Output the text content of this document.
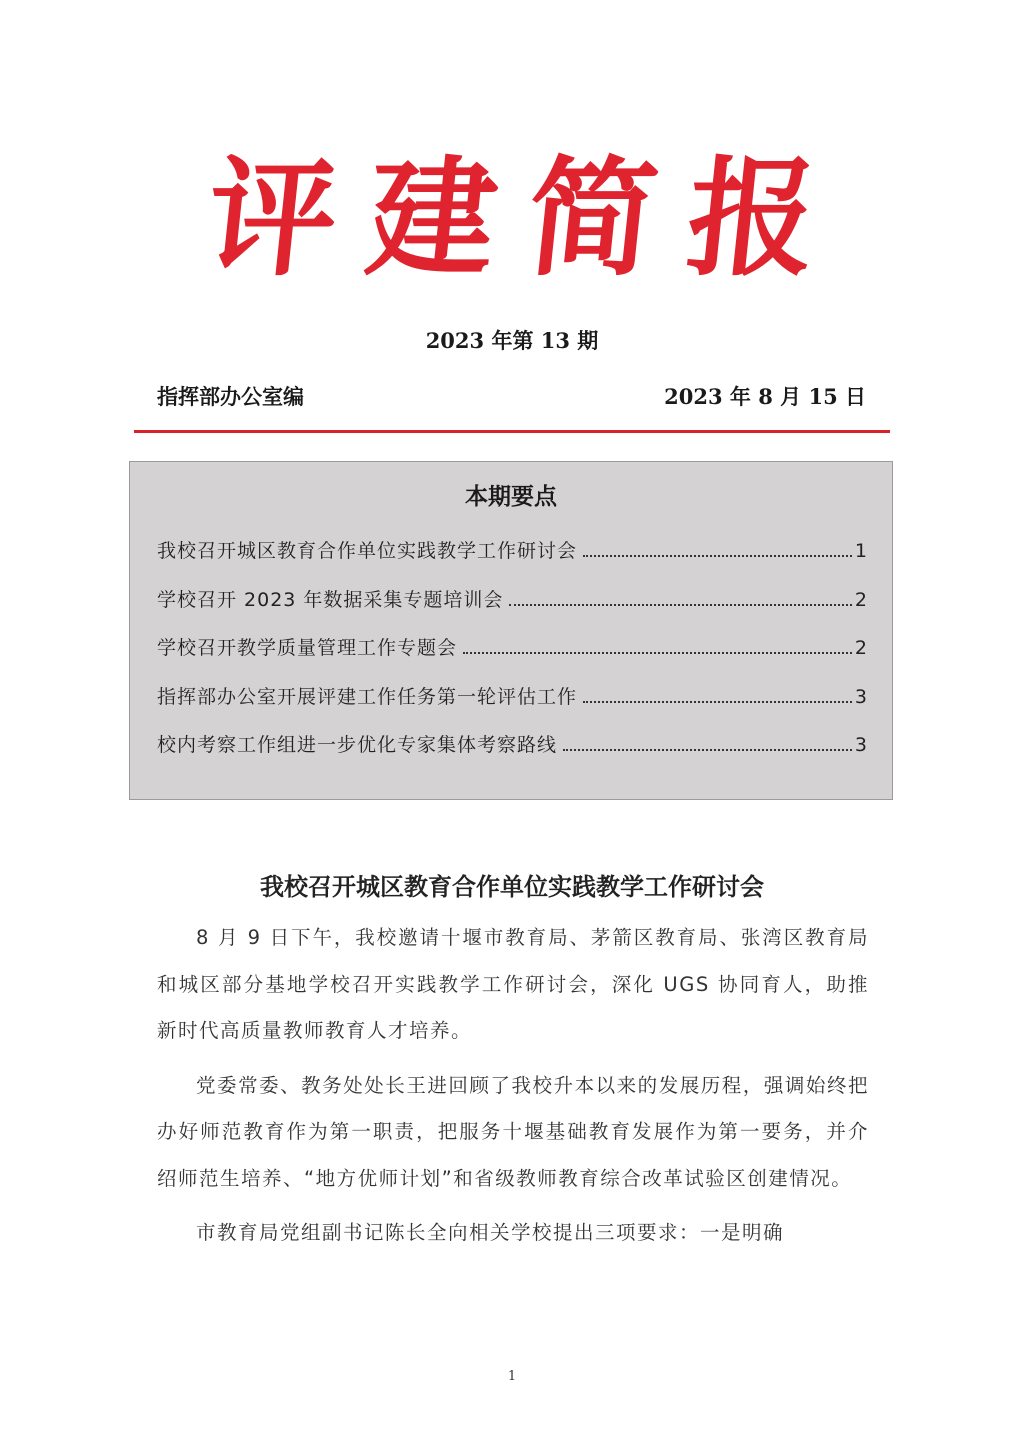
评 建 简 报
2023 年第 13 期
指挥部办公室编	2023 年 8 月 15 日
本期要点
我校召开城区教育合作单位实践教学工作研讨会	1
学校召开 2023 年数据采集专题培训会	2
学校召开教学质量管理工作专题会	2
指挥部办公室开展评建工作任务第一轮评估工作	3
校内考察工作组进一步优化专家集体考察路线	3
我校召开城区教育合作单位实践教学工作研讨会

8 月 9 日下午，我校邀请十堰市教育局、茅箭区教育局、张湾区教育局和城区部分基地学校召开实践教学工作研讨会，深化 UGS 协同育人，助推新时代高质量教师教育人才培养。

党委常委、教务处处长王进回顾了我校升本以来的发展历程，强调始终把办好师范教育作为第一职责，把服务十堰基础教育发展作为第一要务，并介绍师范生培养、“地方优师计划”和省级教师教育综合改革试验区创建情况。

市教育局党组副书记陈长全向相关学校提出三项要求：一是明确

1
